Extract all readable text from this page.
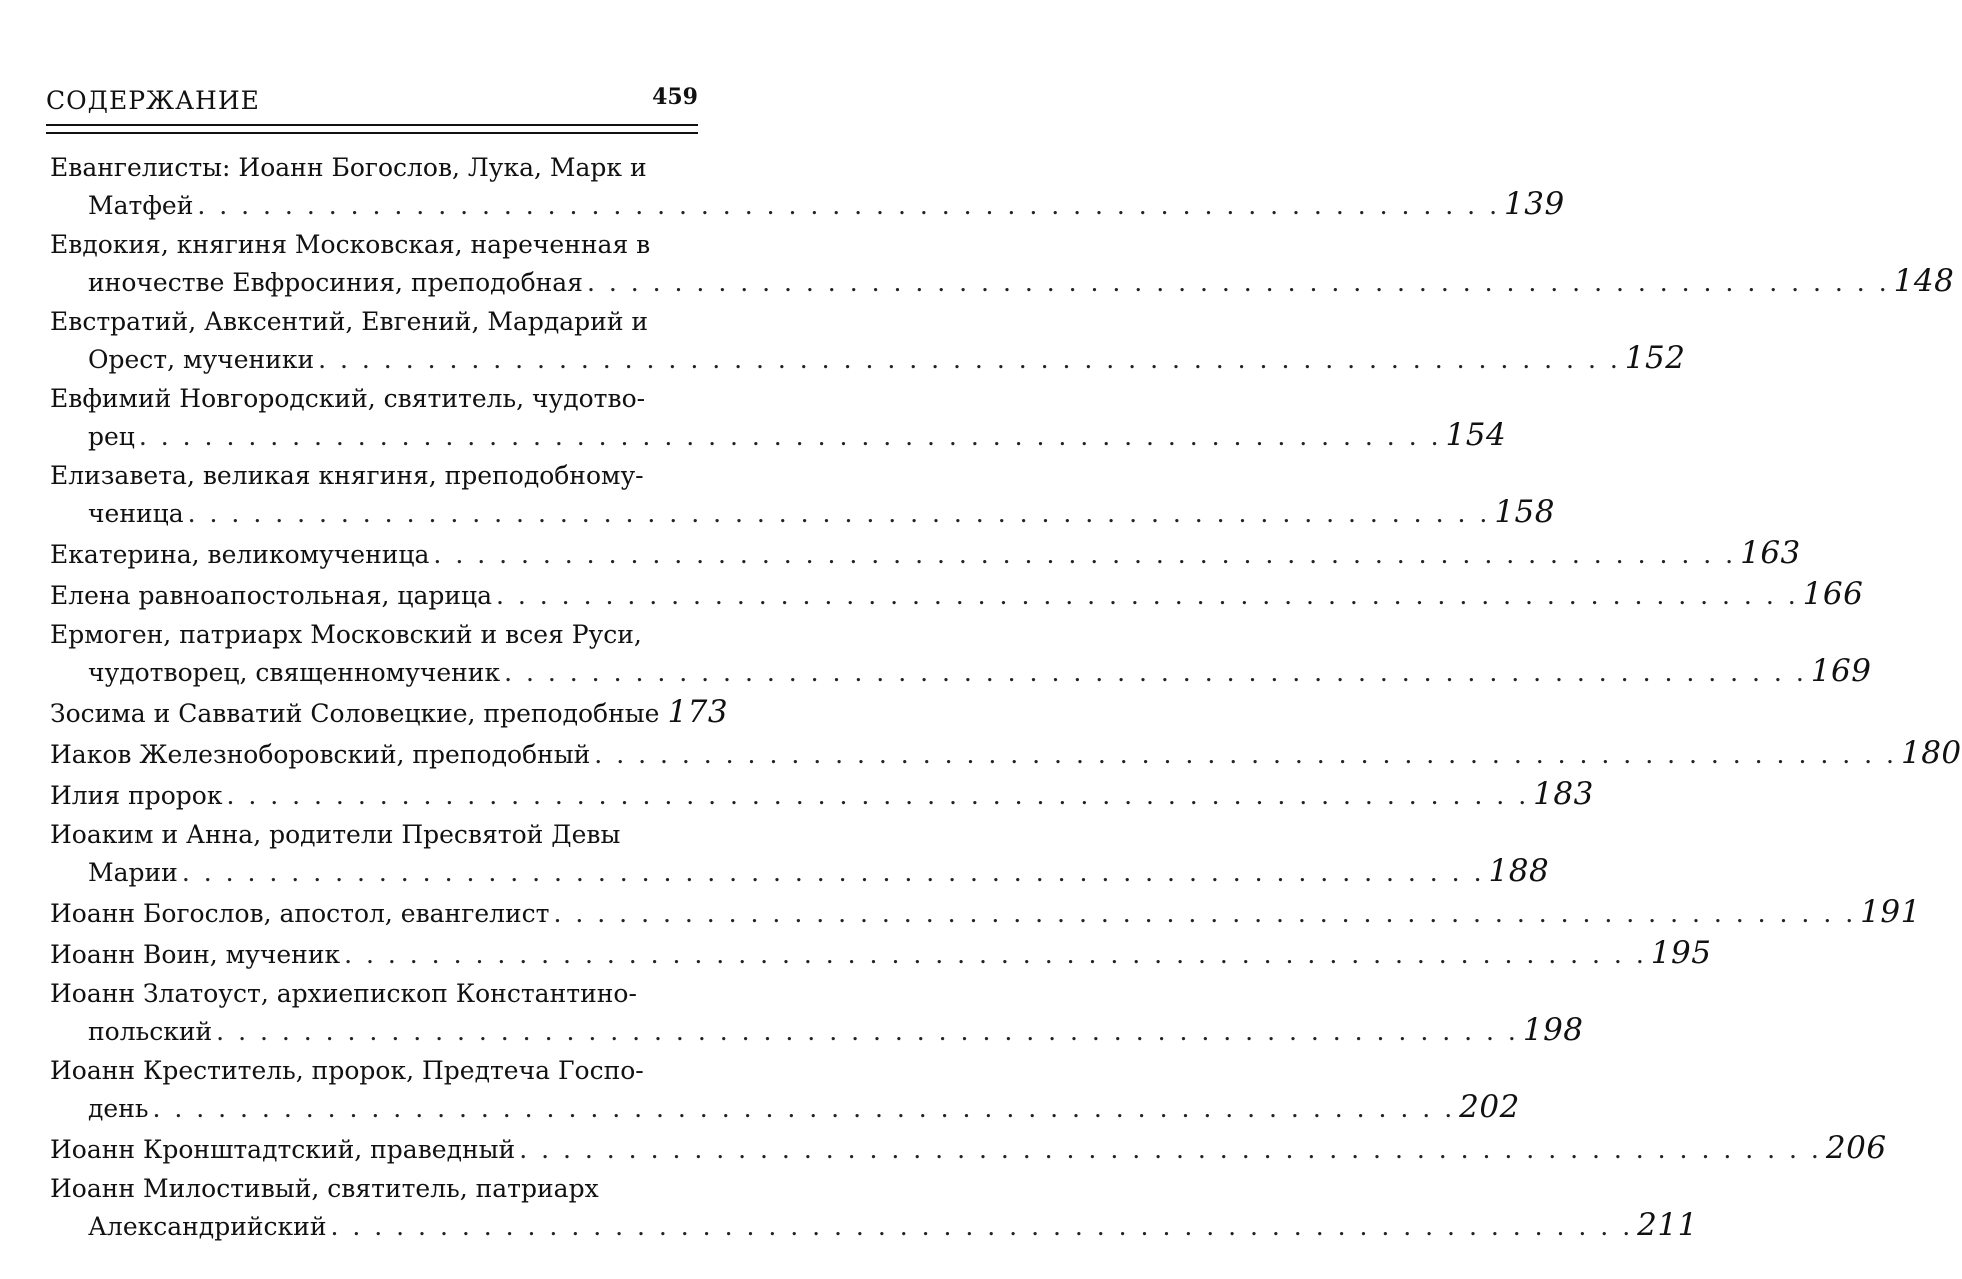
СОДЕРЖАНИЕ	459
Евангелисты: Иоанн Богослов, Лука, Марк и
Матфей . . . . . . . . . . . . . . . . . . . . . . . . . . . . . . . . . . . . . . . . . . . . . . . . . . . . . . . . . . . . 139
Евдокия, княгиня Московская, нареченная в
иночестве Евфросиния, преподобная . . . . . . . . . . . . . . . . . . . . . . . . . . . . . . . . . . . . . . . . . . . . . . . . . . . . . . . . . . . . 148
Евстратий, Авксентий, Евгений, Мардарий и
Орест, мученики . . . . . . . . . . . . . . . . . . . . . . . . . . . . . . . . . . . . . . . . . . . . . . . . . . . . . . . . . . . . 152
Евфимий Новгородский, святитель, чудотво-
рец . . . . . . . . . . . . . . . . . . . . . . . . . . . . . . . . . . . . . . . . . . . . . . . . . . . . . . . . . . . . 154
Елизавета, великая княгиня, преподобному-
ченица . . . . . . . . . . . . . . . . . . . . . . . . . . . . . . . . . . . . . . . . . . . . . . . . . . . . . . . . . . . . 158
Екатерина, великомученица . . . . . . . . . . . . . . . . . . . . . . . . . . . . . . . . . . . . . . . . . . . . . . . . . . . . . . . . . . . . 163
Елена равноапостольная, царица . . . . . . . . . . . . . . . . . . . . . . . . . . . . . . . . . . . . . . . . . . . . . . . . . . . . . . . . . . . . 166
Ермоген, патриарх Московский и всея Руси,
чудотворец, священномученик . . . . . . . . . . . . . . . . . . . . . . . . . . . . . . . . . . . . . . . . . . . . . . . . . . . . . . . . . . . . 169
Зосима и Савватий Соловецкие, преподобные 173
Иаков Железноборовский, преподобный . . . . . . . . . . . . . . . . . . . . . . . . . . . . . . . . . . . . . . . . . . . . . . . . . . . . . . . . . . . . 180
Илия пророк . . . . . . . . . . . . . . . . . . . . . . . . . . . . . . . . . . . . . . . . . . . . . . . . . . . . . . . . . . . . 183
Иоаким и Анна, родители Пресвятой Девы
Марии . . . . . . . . . . . . . . . . . . . . . . . . . . . . . . . . . . . . . . . . . . . . . . . . . . . . . . . . . . . . 188
Иоанн Богослов, апостол, евангелист . . . . . . . . . . . . . . . . . . . . . . . . . . . . . . . . . . . . . . . . . . . . . . . . . . . . . . . . . . . . 191
Иоанн Воин, мученик . . . . . . . . . . . . . . . . . . . . . . . . . . . . . . . . . . . . . . . . . . . . . . . . . . . . . . . . . . . . 195
Иоанн Златоуст, архиепископ Константино-
польский . . . . . . . . . . . . . . . . . . . . . . . . . . . . . . . . . . . . . . . . . . . . . . . . . . . . . . . . . . . . 198
Иоанн Креститель, пророк, Предтеча Госпо-
день . . . . . . . . . . . . . . . . . . . . . . . . . . . . . . . . . . . . . . . . . . . . . . . . . . . . . . . . . . . . 202
Иоанн Кронштадтский, праведный . . . . . . . . . . . . . . . . . . . . . . . . . . . . . . . . . . . . . . . . . . . . . . . . . . . . . . . . . . . . 206
Иоанн Милостивый, святитель, патриарх
Александрийский . . . . . . . . . . . . . . . . . . . . . . . . . . . . . . . . . . . . . . . . . . . . . . . . . . . . . . . . . . . . 211
